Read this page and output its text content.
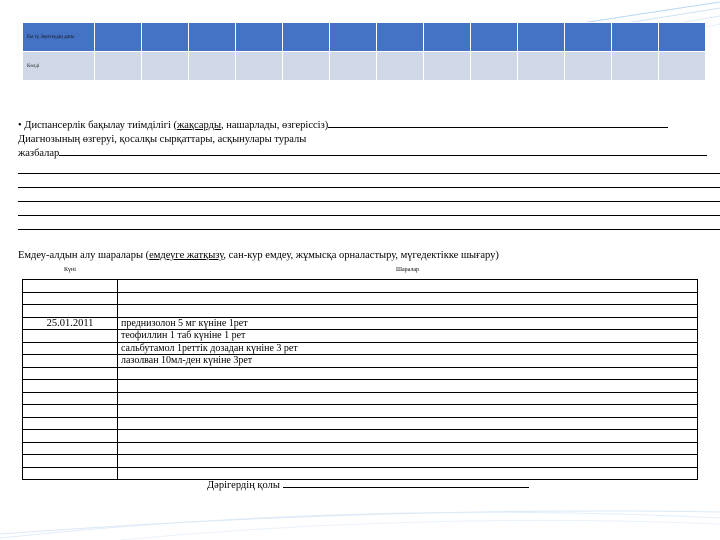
Ем тү Зерттеудiң даты													
Көлдi													
• Диспансерлiк бақылау тиiмдiлiгi (жақсарды, нашарлады, өзгерiссiз)
Диагнозының өзгеруi, қосалқы сырқаттары, асқынулары туралы
жазбалар
Емдеу-алдын алу шаралары (емдеуге жатқызу, сан-кур емдеу, жұмысқа орналастыру, мүгедектiкке шығару)
Күнi	Шаралар

25.01.2011	преднизолон 5 мг күнiне 1рет
	теофиллин 1 таб күнiне 1 рет
	сальбутамол 1реттiк дозадан күнiне 3 рет
	лазолван 10мл-ден күнiне 3рет

Дәрiгердiң қолы
